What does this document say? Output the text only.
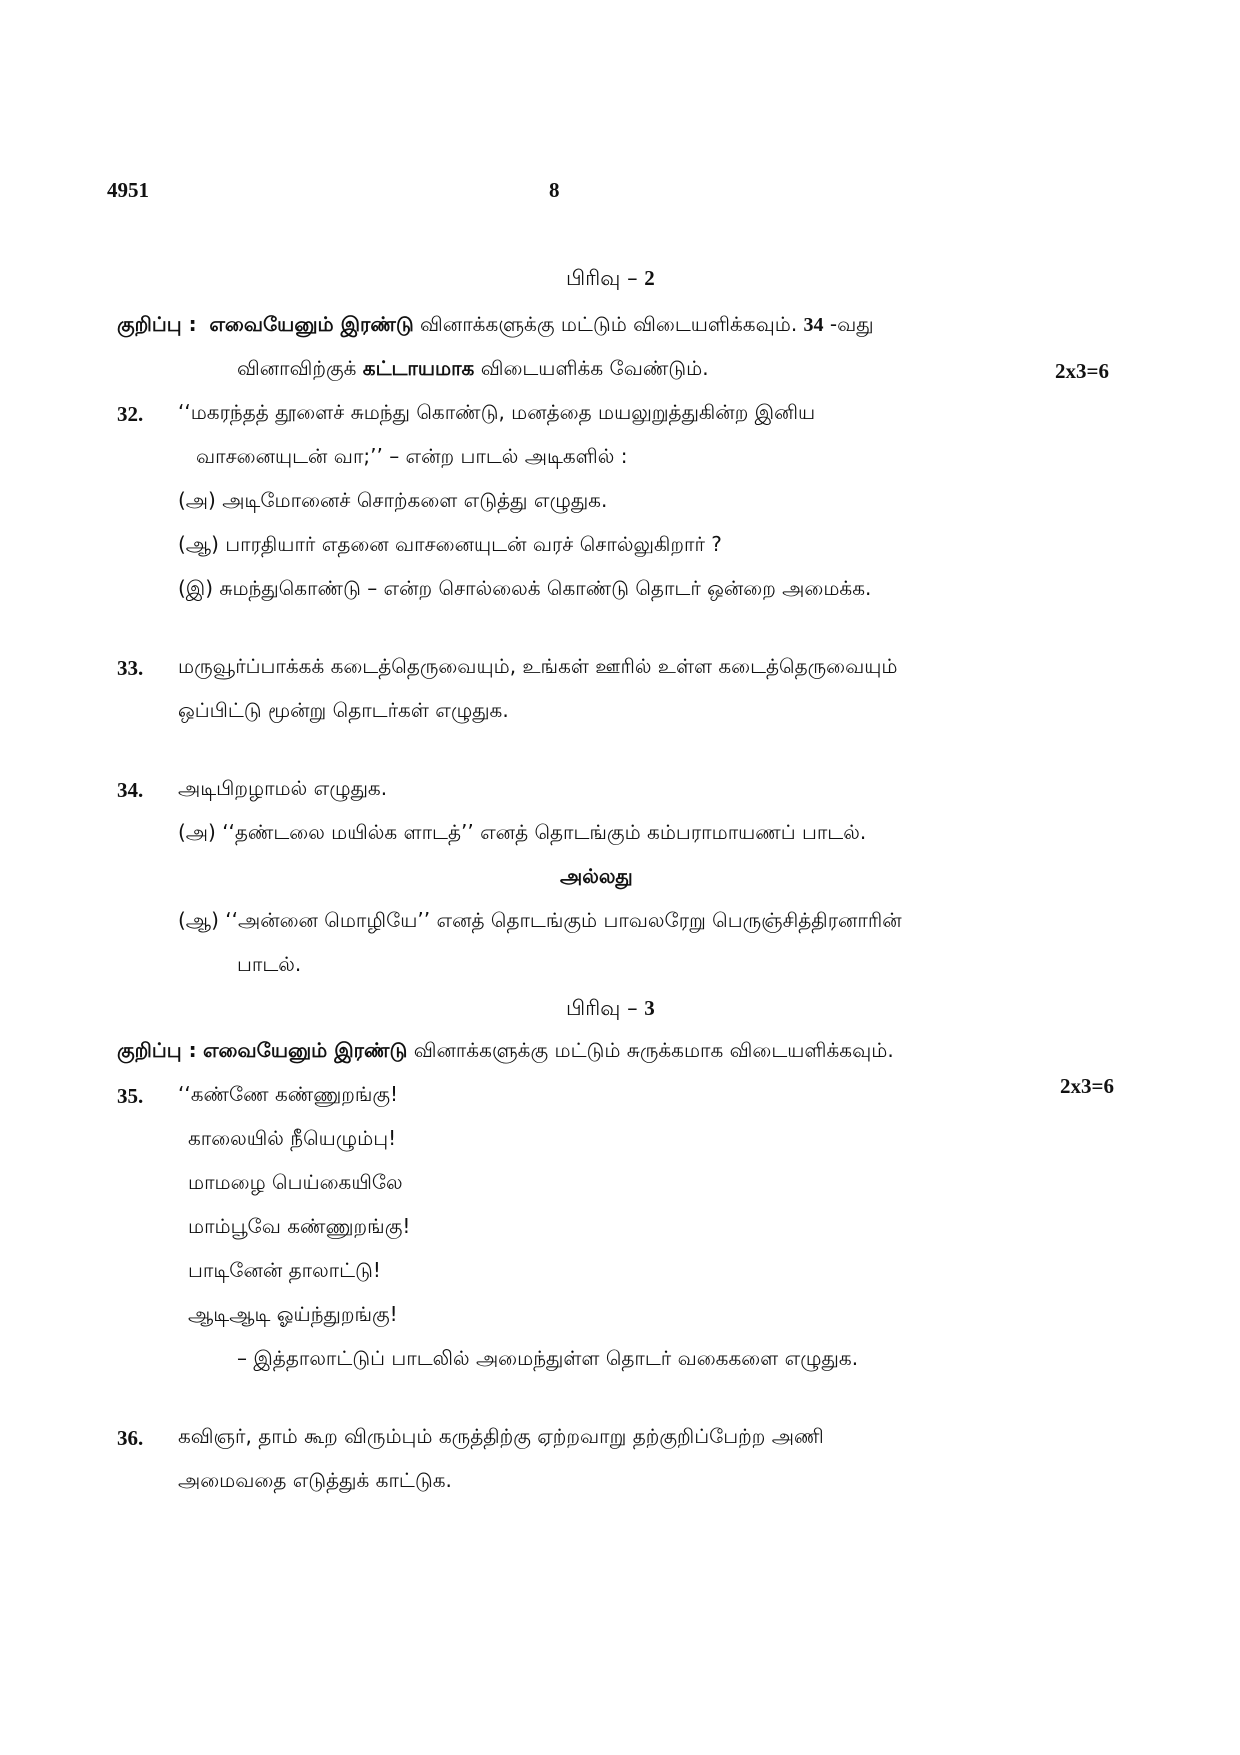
4951	8
பிரிவு – 2
குறிப்பு : எவையேனும் இரண்டு வினாக்களுக்கு மட்டும் விடையளிக்கவும். 34 -வது
வினாவிற்குக் கட்டாயமாக விடையளிக்க வேண்டும்.	2x3=6
32. ‘‘மகரந்தத் தூளைச் சுமந்து கொண்டு, மனத்தை மயலுறுத்துகின்ற இனிய
வாசனையுடன் வா;’’ – என்ற பாடல் அடிகளில் :
(அ) அடிமோனைச் சொற்களை எடுத்து எழுதுக.
(ஆ) பாரதியார் எதனை வாசனையுடன் வரச் சொல்லுகிறார் ?
(இ) சுமந்துகொண்டு – என்ற சொல்லைக் கொண்டு தொடர் ஒன்றை அமைக்க.
33. மருவூர்ப்பாக்கக் கடைத்தெருவையும், உங்கள் ஊரில் உள்ள கடைத்தெருவையும்
ஒப்பிட்டு மூன்று தொடர்கள் எழுதுக.
34. அடிபிறழாமல் எழுதுக.
(அ) ‘‘தண்டலை மயில்க ளாடத்’’ எனத் தொடங்கும் கம்பராமாயணப் பாடல்.
அல்லது
(ஆ) ‘‘அன்னை மொழியே’’ எனத் தொடங்கும் பாவலரேறு பெருஞ்சித்திரனாரின்
பாடல்.
பிரிவு – 3
குறிப்பு : எவையேனும் இரண்டு வினாக்களுக்கு மட்டும் சுருக்கமாக விடையளிக்கவும்.
2x3=6
35. ‘‘கண்ணே கண்ணுறங்கு!
காலையில் நீயெழும்பு!
மாமழை பெய்கையிலே
மாம்பூவே கண்ணுறங்கு!
பாடினேன் தாலாட்டு!
ஆடிஆடி ஓய்ந்துறங்கு!
– இத்தாலாட்டுப் பாடலில் அமைந்துள்ள தொடர் வகைகளை எழுதுக.
36. கவிஞர், தாம் கூற விரும்பும் கருத்திற்கு ஏற்றவாறு தற்குறிப்பேற்ற அணி
அமைவதை எடுத்துக் காட்டுக.
